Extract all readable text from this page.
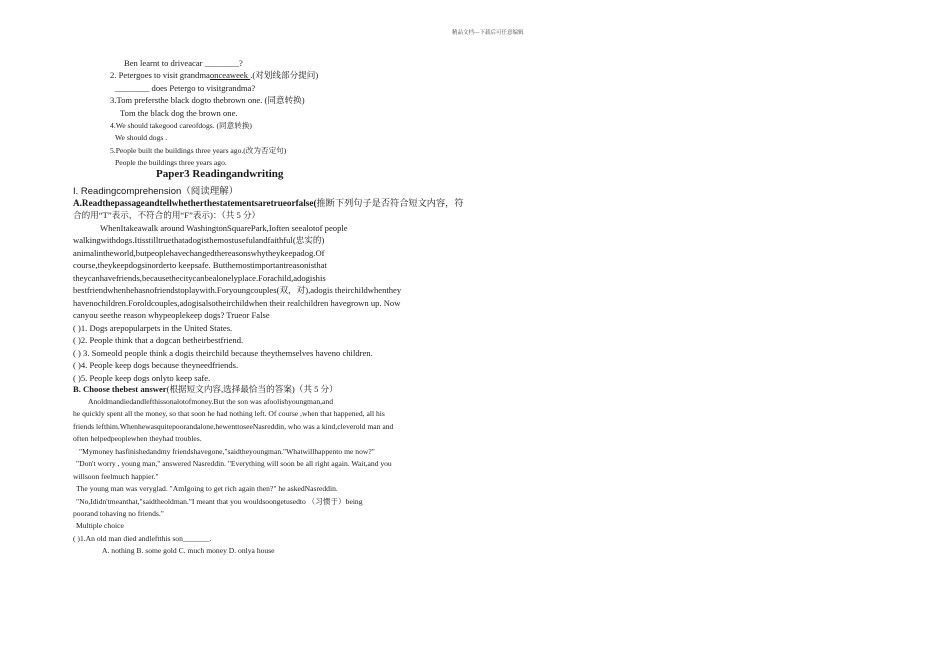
精品文档---下载后可任意编辑
Ben learnt to driveacar ________?
2. Petergoes to visit grandmaonceaweek .(对划线部分提问)
________ does Petergo to visitgrandma?
3.Tom prefersthe black dogto thebrown one. (同意转换)
Tom the black dog the brown one.
4.We should takegood careofdogs. (同意转换)
We should dogs .
5.People built the buildings three years ago.(改为否定句)
People the buildings three years ago.
Paper3 Readingandwriting
I. Readingcomprehension（阅读理解）
A.Readthepassageandtellwhetherthestatementsaretrueorfalse(推断下列句子是否符合短文内容，符
合的用“T”表示，不符合的用“F”表示)：（共 5 分）
WhenItakeawalk around WashingtonSquarePark,Ioften seealotof people
walkingwithdogs.Itisstilltruethatadogisthemostusefulandfaithful(忠实的)
animalintheworld,butpeoplehavechangedthereasonswhytheykeepadog.Of
course,theykeepdogsinorderto keepsafe. Butthemostimportantreasonisthat
theycanhavefriends,becausethecitycanbealonelyplace.Forachild,adogishis
bestfriendwhenhehasnofriendstoplaywith.Foryoungcouples(双，对),adogis theirchildwhenthey
havenochildren.Foroldcouples,adogisalsotheirchildwhen their realchildren havegrown up. Now
canyou seethe reason whypeoplekeep dogs? Trueor False
( )1. Dogs arepopularpets in the United States.
( )2. People think that a dogcan betheirbestfriend.
( ) 3. Someold people think a dogis theirchild because theythemselves haveno children.
( )4. People keep dogs because theyneedfriends.
( )5. People keep dogs onlyto keep safe.
B. Choose thebest answer(根据短文内容,选择最恰当的答案)（共 5 分）
Anoldmandiedandlefthissonalotofmoney.But the son was afoolishyoungman,and
he quickly spent all the money, so that soon he had nothing left. Of course ,when that happened, all his
friends lefthim.Whenhewasquitepoorandalone,hewenttoseeNasreddin, who was a kind,cleverold man and
often helpedpeoplewhen theyhad troubles.
"Mymoney hasfinishedandmy friendshavegone,"saidtheyoungman."Whatwillhappento me now?"
"Don't worry , young man," answered Nasreddin. "Everything will soon be all right again. Wait,and you
willsoon feelmuch happier."
The young man was veryglad. "AmIgoing to get rich again then?" he askedNasreddin.
"No,Ididn'tmeanthat,"saidtheoldman."I meant that you wouldsoongetusedto （习惯于）being
poorand tohaving no friends."
Multiple choice
( )1.An old man died andleftthis son_______.
A. nothing B. some gold C. much money D. onlya house
